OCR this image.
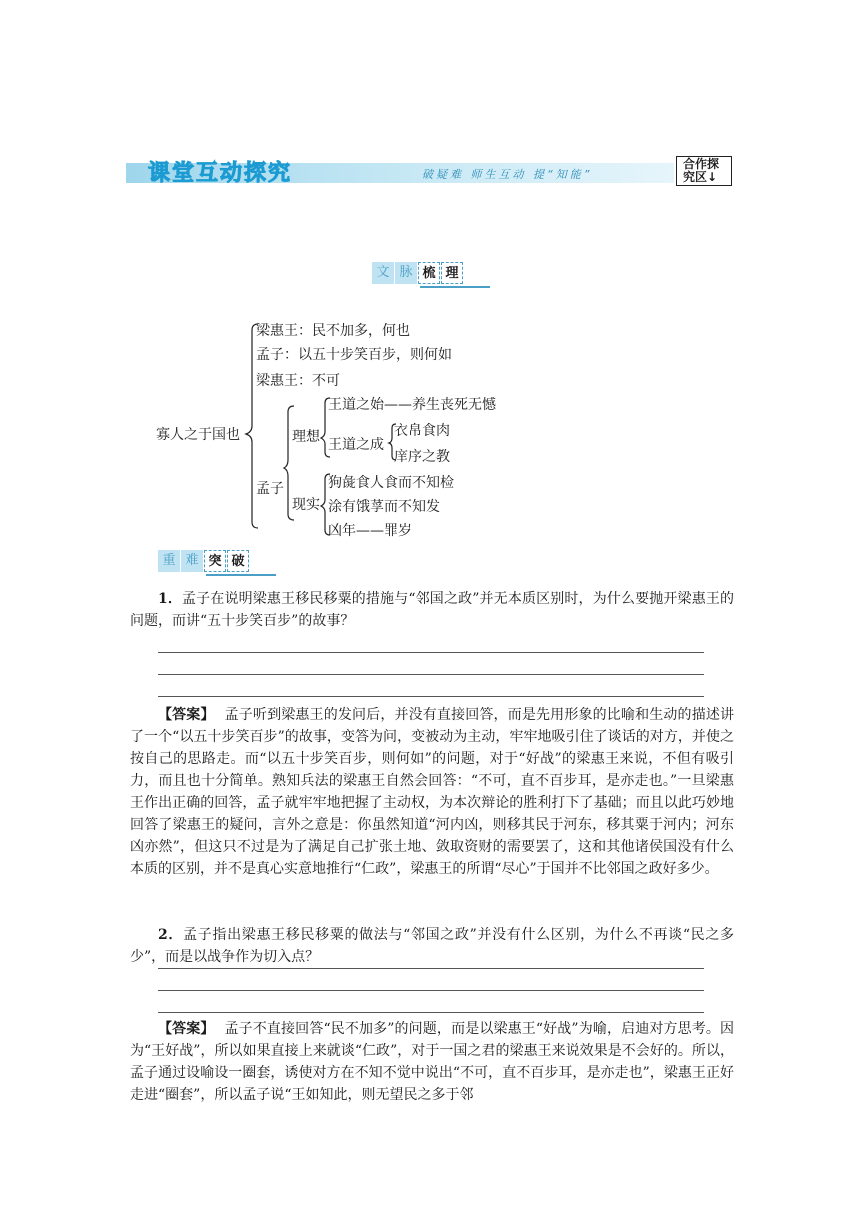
课堂互动探究	破疑难 师生互动 提“知能”
合作探
究区↓
文 脉 梳 理
寡人之于国也
梁惠王：民不加多，何也
孟子：以五十步笑百步，则何如
梁惠王：不可
孟子
理想
王道之始——养生丧死无憾
王道之成
衣帛食肉
庠序之教
现实
狗彘食人食而不知检
涂有饿莩而不知发
凶年——罪岁
重 难 突 破
1．孟子在说明梁惠王移民移粟的措施与“邻国之政”并无本质区别时，为什么要抛开梁惠王的问题，而讲“五十步笑百步”的故事？
【答案】 孟子听到梁惠王的发问后，并没有直接回答，而是先用形象的比喻和生动的描述讲了一个“以五十步笑百步”的故事，变答为问，变被动为主动，牢牢地吸引住了谈话的对方，并使之按自己的思路走。而“以五十步笑百步，则何如”的问题，对于“好战”的梁惠王来说，不但有吸引力，而且也十分简单。熟知兵法的梁惠王自然会回答：“不可，直不百步耳，是亦走也。”一旦梁惠王作出正确的回答，孟子就牢牢地把握了主动权，为本次辩论的胜利打下了基础；而且以此巧妙地回答了梁惠王的疑问，言外之意是：你虽然知道“河内凶，则移其民于河东，移其粟于河内；河东凶亦然”，但这只不过是为了满足自己扩张土地、敛取资财的需要罢了，这和其他诸侯国没有什么本质的区别，并不是真心实意地推行“仁政”，梁惠王的所谓“尽心”于国并不比邻国之政好多少。
2．孟子指出梁惠王移民移粟的做法与“邻国之政”并没有什么区别，为什么不再谈“民之多少”，而是以战争作为切入点？
【答案】 孟子不直接回答“民不加多”的问题，而是以梁惠王“好战”为喻，启迪对方思考。因为“王好战”，所以如果直接上来就谈“仁政”，对于一国之君的梁惠王来说效果是不会好的。所以，孟子通过设喻设一圈套，诱使对方在不知不觉中说出“不可，直不百步耳，是亦走也”，梁惠王正好走进“圈套”，所以孟子说“王如知此，则无望民之多于邻
